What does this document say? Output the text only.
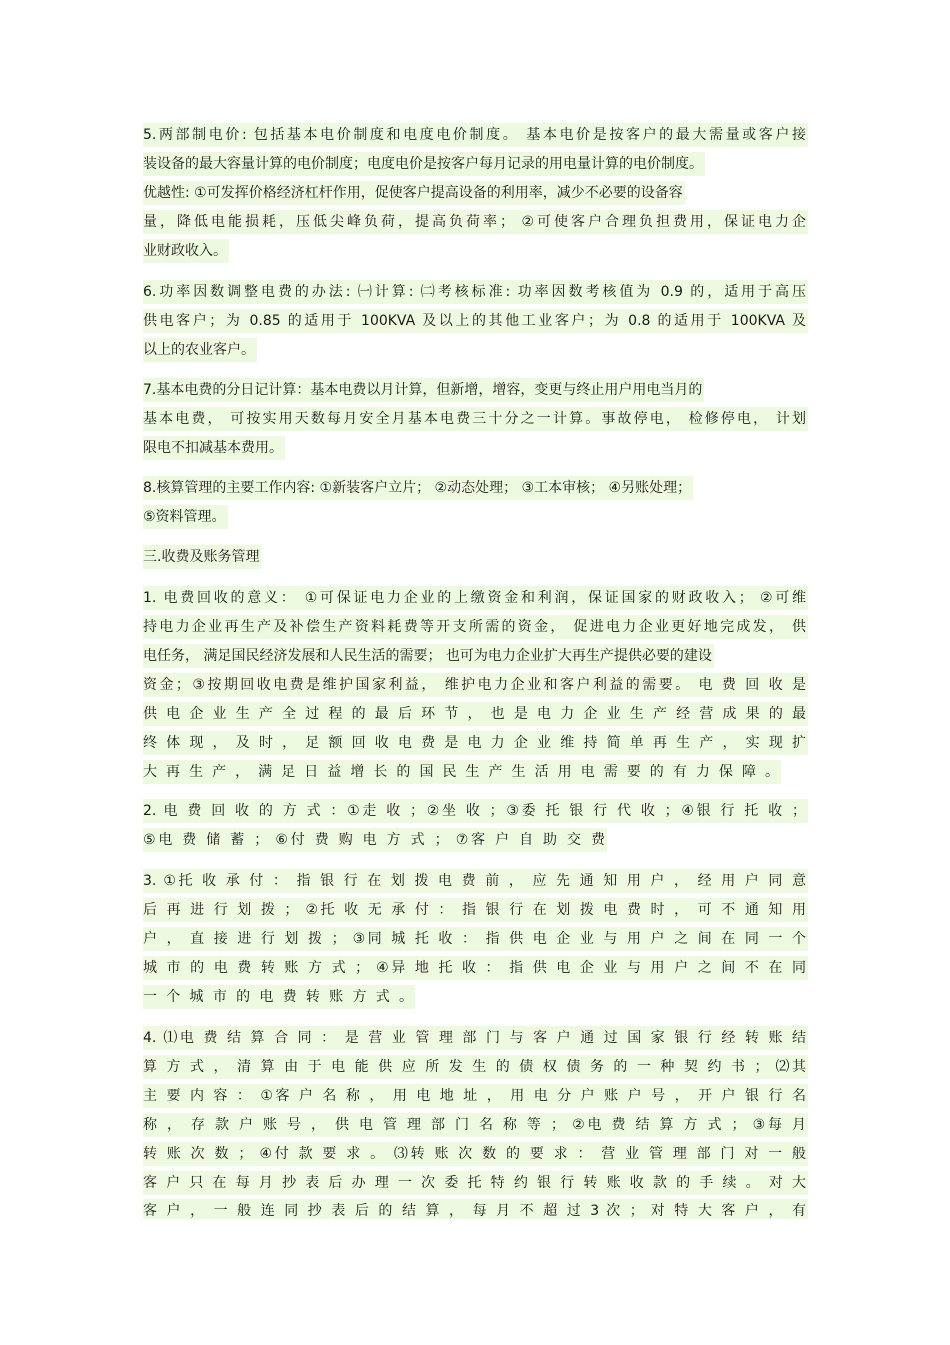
5.两部制电价: 包括基本电价制度和电度电价制度。 基本电价是按客户的最大需量或客户接
装设备的最大容量计算的电价制度；电度电价是按客户每月记录的用电量计算的电价制度。
优越性: ①可发挥价格经济杠杆作用，促使客户提高设备的利用率，减少不必要的设备容
量，降低电能损耗，压低尖峰负荷，提高负荷率； ②可使客户合理负担费用，保证电力企
业财政收入。
6.功率因数调整电费的办法: ㈠计算: ㈡考核标准: 功率因数考核值为 0.9 的，适用于高压
供电客户；为 0.85 的适用于 100KVA 及以上的其他工业客户；为 0.8 的适用于 100KVA 及
以上的农业客户。
7.基本电费的分日记计算：基本电费以月计算，但新增，增容，变更与终止用户用电当月的
基本电费， 可按实用天数每月安全月基本电费三十分之一计算。事故停电， 检修停电， 计划
限电不扣减基本费用。
8.核算管理的主要工作内容: ①新装客户立片； ②动态处理； ③工本审核； ④另账处理；
⑤资料管理。
三.收费及账务管理
1. 电费回收的意义： ①可保证电力企业的上缴资金和利润，保证国家的财政收入； ②可维
持电力企业再生产及补偿生产资料耗费等开支所需的资金， 促进电力企业更好地完成发， 供
电任务， 满足国民经济发展和人民生活的需要； 也可为电力企业扩大再生产提供必要的建设
资金；③按期回收电费是维护国家利益， 维护电力企业和客户利益的需要。 电 费 回 收 是
供 电 企 业 生 产 全 过 程 的 最 后 环 节 ， 也 是 电 力 企 业 生 产 经 营 成 果 的 最
终 体 现 ， 及 时 ， 足 额 回 收 电 费 是 电 力 企 业 维 持 简 单 再 生 产 ， 实 现 扩
大 再 生 产 ， 满 足 日 益 增 长 的 国 民 生 产 生 活 用 电 需 要 的 有 力 保 障 。
2. 电 费 回 收 的 方 式 ：①走 收 ；②坐 收 ；③委 托 银 行 代 收 ；④银 行 托 收 ；
⑤电 费 储 蓄 ； ⑥付 费 购 电 方 式 ； ⑦客 户 自 助 交 费
3. ①托 收 承 付 ： 指 银 行 在 划 拨 电 费 前 ， 应 先 通 知 用 户 ， 经 用 户 同 意
后 再 进 行 划 拨 ； ②托 收 无 承 付 ： 指 银 行 在 划 拨 电 费 时 ， 可 不 通 知 用
户 ， 直 接 进 行 划 拨 ； ③同 城 托 收 ： 指 供 电 企 业 与 用 户 之 间 在 同 一 个
城 市 的 电 费 转 账 方 式 ； ④异 地 托 收 ： 指 供 电 企 业 与 用 户 之 间 不 在 同
一 个 城 市 的 电 费 转 账 方 式 。
4. ⑴电 费 结 算 合 同 ： 是 营 业 管 理 部 门 与 客 户 通 过 国 家 银 行 经 转 账 结
算 方 式 ， 清 算 由 于 电 能 供 应 所 发 生 的 债 权 债 务 的 一 种 契 约 书 ； ⑵其
主 要 内 容 ： ①客 户 名 称 ， 用 电 地 址 ， 用 电 分 户 账 户 号 ， 开 户 银 行 名
称 ， 存 款 户 账 号 ， 供 电 管 理 部 门 名 称 等 ； ②电 费 结 算 方 式 ； ③每 月
转 账 次 数 ； ④付 款 要 求 。 ⑶转 账 次 数 的 要 求 ： 营 业 管 理 部 门 对 一 般
客 户 只 在 每 月 抄 表 后 办 理 一 次 委 托 特 约 银 行 转 账 收 款 的 手 续 。 对 大
客 户 ， 一 般 连 同 抄 表 后 的 结 算 ， 每 月 不 超 过 3 次 ； 对 特 大 客 户 ， 有
